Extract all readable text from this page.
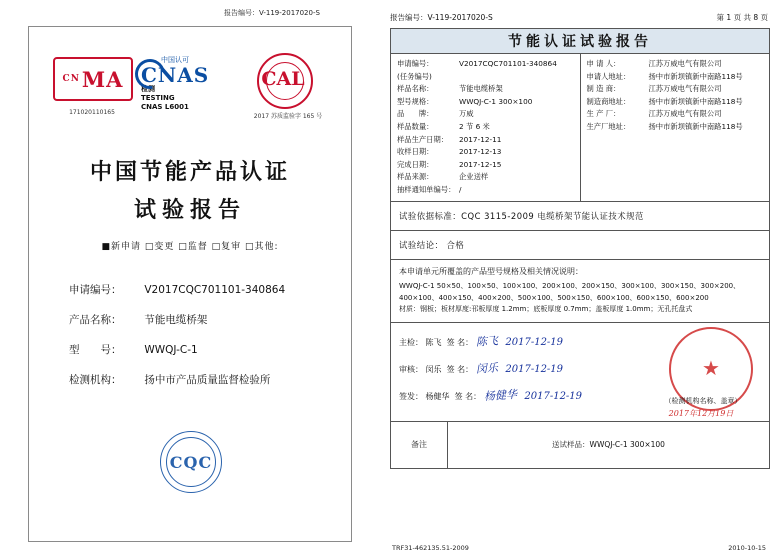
报告编号：V-119-2017020-S
CN MA
171020110165
中国认可
CNAS
检测
TESTING
CNAS L6001
CAL
2017 苏质监验字 165 号
中国节能产品认证
试验报告
■新申请 □变更 □监督 □复审 □其他:
申请编号： V2017CQC701101-340864
产品名称： 节能电缆桥架
型　　号： WWQJ-C-1
检测机构： 扬中市产品质量监督检验所
CQC
报告编号：V-119-2017020-S	第 1 页 共 8 页
节能认证试验报告
申请编号：	V2017CQC701101-340864
(任务编号)
样品名称：	节能电缆桥架
型号规格：	WWQJ-C-1 300×100
品　　牌：	万威
样品数量：	2 节 6 米
样品生产日期： 2017-12-11
收样日期：	2017-12-13
完成日期：	2017-12-15
样品来源：	企业送样
抽样通知单编号： /
申 请 人：	江苏万威电气有限公司
申请人地址： 扬中市新坝镇新中南路118号
制 造 商：	江苏万威电气有限公司
制造商地址： 扬中市新坝镇新中南路118号
生 产 厂：	江苏万威电气有限公司
生产厂地址： 扬中市新坝镇新中南路118号
试验依据标准：CQC 3115-2009 电缆桥架节能认证技术规范
试验结论： 合格
本申请单元所覆盖的产品型号规格及相关情况说明：
WWQJ-C-1 50×50、100×50、100×100、200×100、200×150、300×100、300×150、300×200、
400×100、400×150、400×200、500×100、500×150、600×100、600×150、600×200
材质：钢板；板材厚度:邗板厚度 1.2mm；底板厚度 0.7mm；盖板厚度 1.0mm；无孔托盘式
主检： 陈飞 签 名： 陈飞 2017-12-19
审核： 闵乐 签 名： 闵乐 2017-12-19
签发： 杨健华 签 名： 杨健华 2017-12-19 ★	（检测机构名称、盖章）
2017年12月19日
备注	送试样品：WWQJ-C-1 300×100
TRF31-462135.51-2009	2010-10-15
